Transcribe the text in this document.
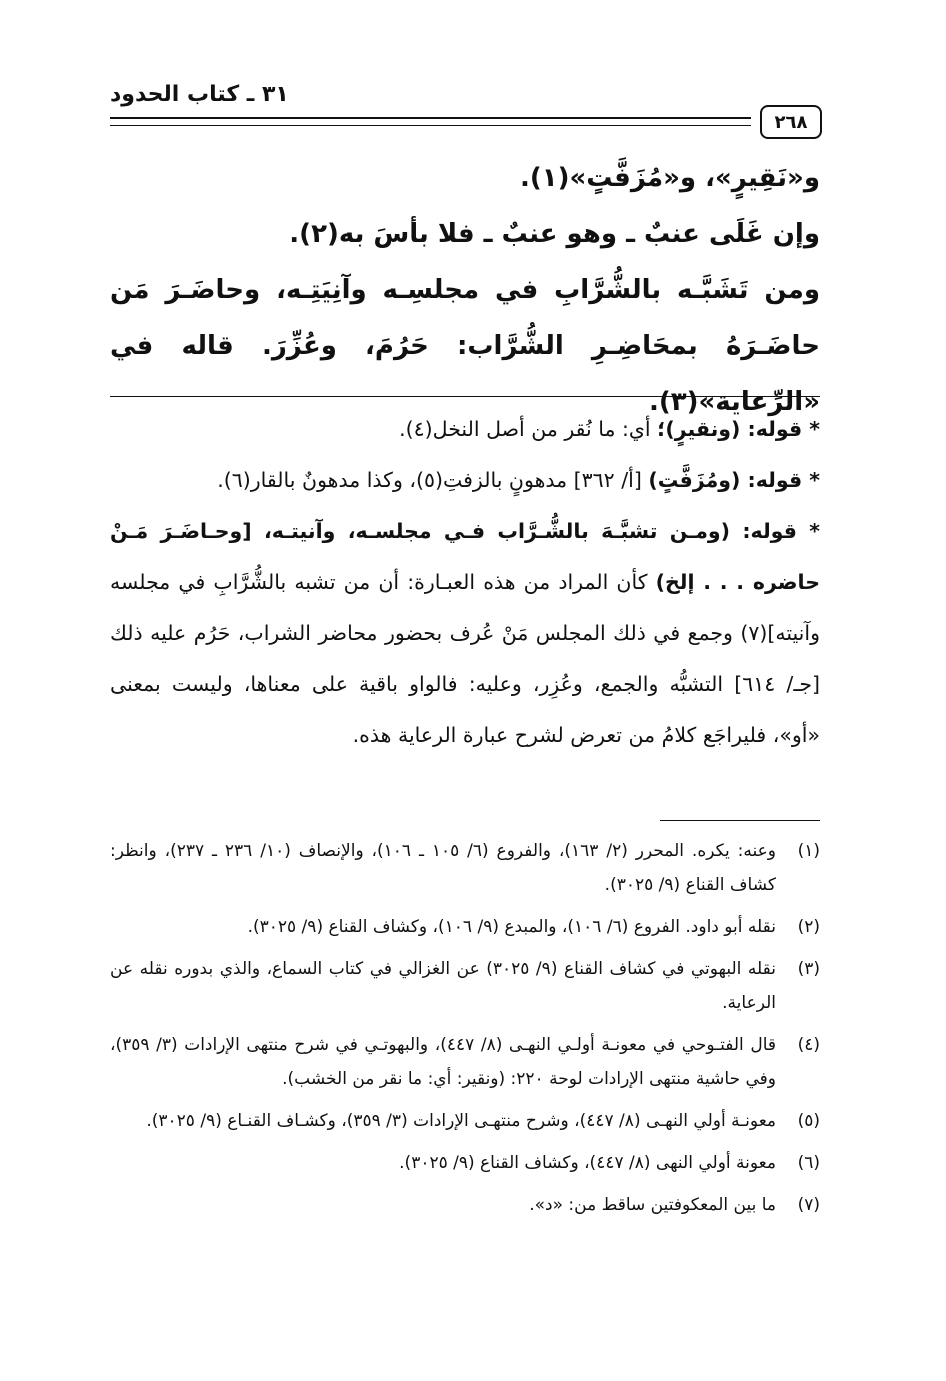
٣١ ـ كتاب الحدود
٢٦٨

و«نَقِيرٍ»، و«مُزَفَّتٍ»(١).

وإن غَلَى عنبٌ ـ وهو عنبٌ ـ فلا بأسَ به(٢).

ومن تَشَبَّـه بالشُّرَّابِ في مجلسِـه وآنِيَتِـه، وحاضَـرَ مَن حاضَـرَهُ بمحَاضِـرِ الشُّرَّاب: حَرُمَ، وعُزِّرَ. قاله في «الرِّعاية»(٣).

* قوله: (ونقيرٍ)؛ أي: ما نُقر من أصل النخل(٤).

* قوله: (ومُزَفَّتٍ) [أ/ ٣٦٢] مدهونٍ بالزفتِ(٥)، وكذا مدهونٌ بالقار(٦).

* قوله: (ومـن تشبَّـهَ بالشُّـرَّاب فـي مجلسـه، وآنيتـه، [وحـاضَـرَ مَـنْ حاضره . . . إلخ) كأن المراد من هذه العبـارة: أن من تشبه بالشُّرَّابِ في مجلسه وآنيته](٧) وجمع في ذلك المجلس مَنْ عُرف بحضور محاضر الشراب، حَرُم عليه ذلك [جـ/ ٦١٤] التشبُّه والجمع، وعُزِر، وعليه: فالواو باقية على معناها، وليست بمعنى «أو»، فليراجَع كلامُ من تعرض لشرح عبارة الرعاية هذه.

(١)
وعنه: يكره. المحرر (٢/ ١٦٣)، والفروع (٦/ ١٠٥ ـ ١٠٦)، والإنصاف (١٠/ ٢٣٦ ـ ٢٣٧)، وانظر: كشاف القناع (٩/ ٣٠٢٥).
(٢)
نقله أبو داود. الفروع (٦/ ١٠٦)، والمبدع (٩/ ١٠٦)، وكشاف القناع (٩/ ٣٠٢٥).
(٣)
نقله البهوتي في كشاف القناع (٩/ ٣٠٢٥) عن الغزالي في كتاب السماع، والذي بدوره نقله عن الرعاية.
(٤)
قال الفتـوحي في معونـة أولـي النهـى (٨/ ٤٤٧)، والبهوتـي في شرح منتهى الإرادات (٣/ ٣٥٩)، وفي حاشية منتهى الإرادات لوحة ٢٢٠: (ونقير: أي: ما نقر من الخشب).
(٥)
معونـة أولي النهـى (٨/ ٤٤٧)، وشرح منتهـى الإرادات (٣/ ٣٥٩)، وكشـاف القنـاع (٩/ ٣٠٢٥).
(٦)
معونة أولي النهى (٨/ ٤٤٧)، وكشاف القناع (٩/ ٣٠٢٥).
(٧)
ما بين المعكوفتين ساقط من: «د».
